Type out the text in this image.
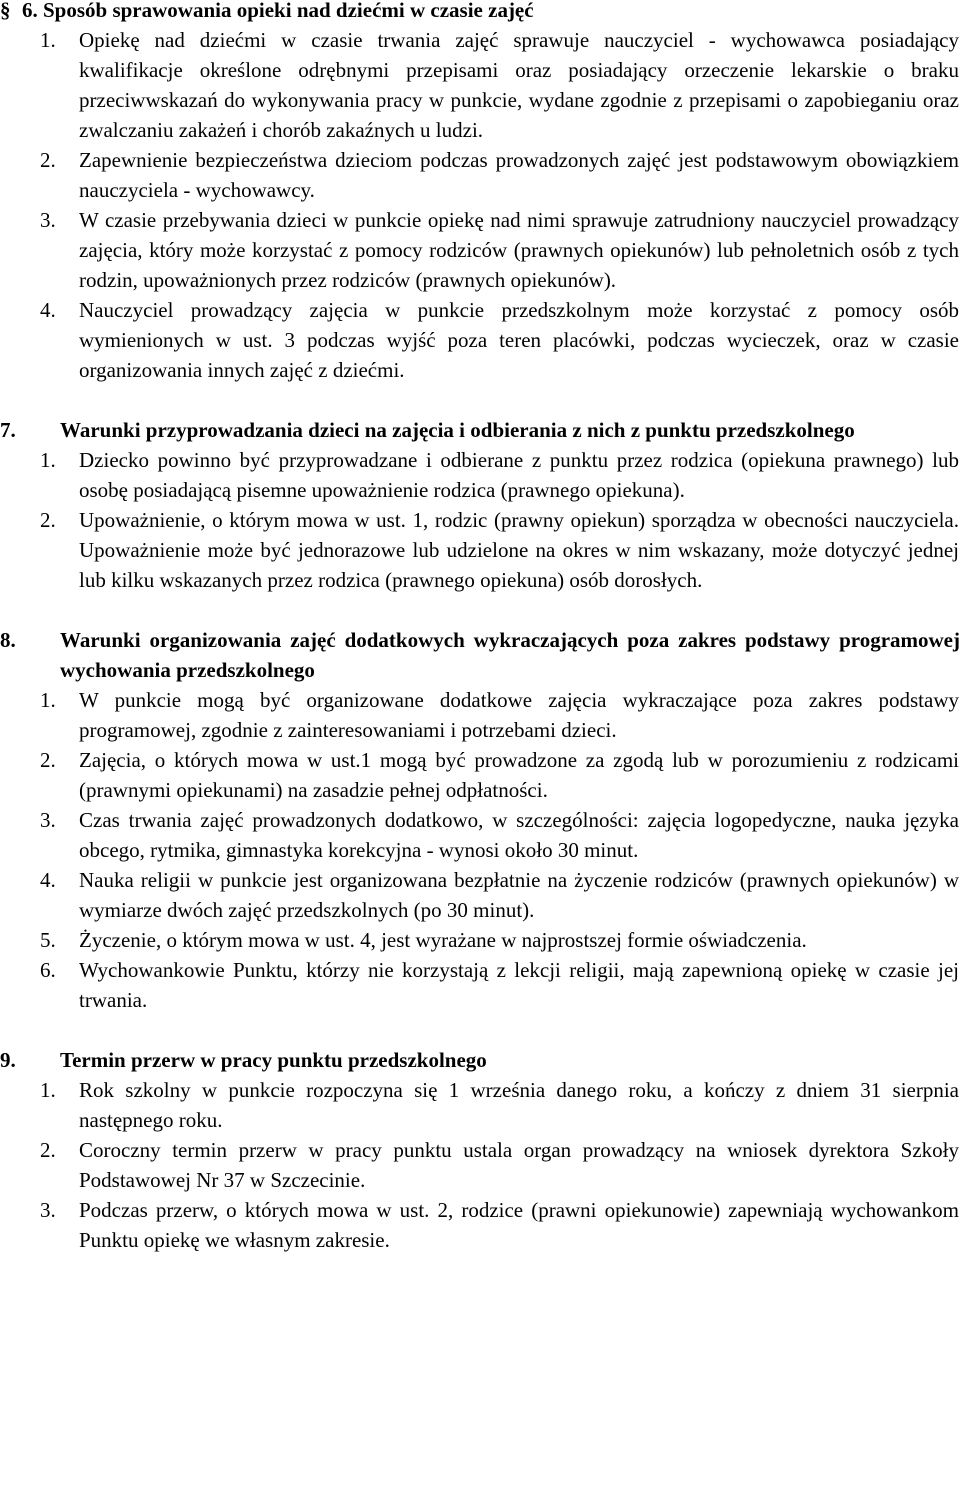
§ 6. Sposób sprawowania opieki nad dziećmi w czasie zajęć
1. Opiekę nad dziećmi w czasie trwania zajęć sprawuje nauczyciel - wychowawca posiadający kwalifikacje określone odrębnymi przepisami oraz posiadający orzeczenie lekarskie o braku przeciwwskazań do wykonywania pracy w punkcie, wydane zgodnie z przepisami o zapobieganiu oraz zwalczaniu zakażeń i chorób zakaźnych u ludzi.
2. Zapewnienie bezpieczeństwa dzieciom podczas prowadzonych zajęć jest podstawowym obowiązkiem nauczyciela - wychowawcy.
3. W czasie przebywania dzieci w punkcie opiekę nad nimi sprawuje zatrudniony nauczyciel prowadzący zajęcia, który może korzystać z pomocy rodziców (prawnych opiekunów) lub pełnoletnich osób z tych rodzin, upoważnionych przez rodziców (prawnych opiekunów).
4. Nauczyciel prowadzący zajęcia w punkcie przedszkolnym może korzystać z pomocy osób wymienionych w ust. 3 podczas wyjść poza teren placówki, podczas wycieczek, oraz w czasie organizowania innych zajęć z dziećmi.
7. Warunki przyprowadzania dzieci na zajęcia i odbierania z nich z punktu przedszkolnego
1. Dziecko powinno być przyprowadzane i odbierane z punktu przez rodzica (opiekuna prawnego) lub osobę posiadającą pisemne upoważnienie rodzica (prawnego opiekuna).
2. Upoważnienie, o którym mowa w ust. 1, rodzic (prawny opiekun) sporządza w obecności nauczyciela. Upoważnienie może być jednorazowe lub udzielone na okres w nim wskazany, może dotyczyć jednej lub kilku wskazanych przez rodzica (prawnego opiekuna) osób dorosłych.
8. Warunki organizowania zajęć dodatkowych wykraczających poza zakres podstawy programowej wychowania przedszkolnego
1. W punkcie mogą być organizowane dodatkowe zajęcia wykraczające poza zakres podstawy programowej, zgodnie z zainteresowaniami i potrzebami dzieci.
2. Zajęcia, o których mowa w ust.1 mogą być prowadzone za zgodą lub w porozumieniu z rodzicami (prawnymi opiekunami) na zasadzie pełnej odpłatności.
3. Czas trwania zajęć prowadzonych dodatkowo, w szczególności: zajęcia logopedyczne, nauka języka obcego, rytmika, gimnastyka korekcyjna - wynosi około 30 minut.
4. Nauka religii w punkcie jest organizowana bezpłatnie na życzenie rodziców (prawnych opiekunów) w wymiarze dwóch zajęć przedszkolnych (po 30 minut).
5. Życzenie, o którym mowa w ust. 4, jest wyrażane w najprostszej formie oświadczenia.
6. Wychowankowie Punktu, którzy nie korzystają z lekcji religii, mają zapewnioną opiekę w czasie jej trwania.
9. Termin przerw w pracy punktu przedszkolnego
1. Rok szkolny w punkcie rozpoczyna się 1 września danego roku, a kończy z dniem 31 sierpnia następnego roku.
2. Coroczny termin przerw w pracy punktu ustala organ prowadzący na wniosek dyrektora Szkoły Podstawowej Nr 37 w Szczecinie.
3. Podczas przerw, o których mowa w ust. 2, rodzice (prawni opiekunowie) zapewniają wychowankom Punktu opiekę we własnym zakresie.
